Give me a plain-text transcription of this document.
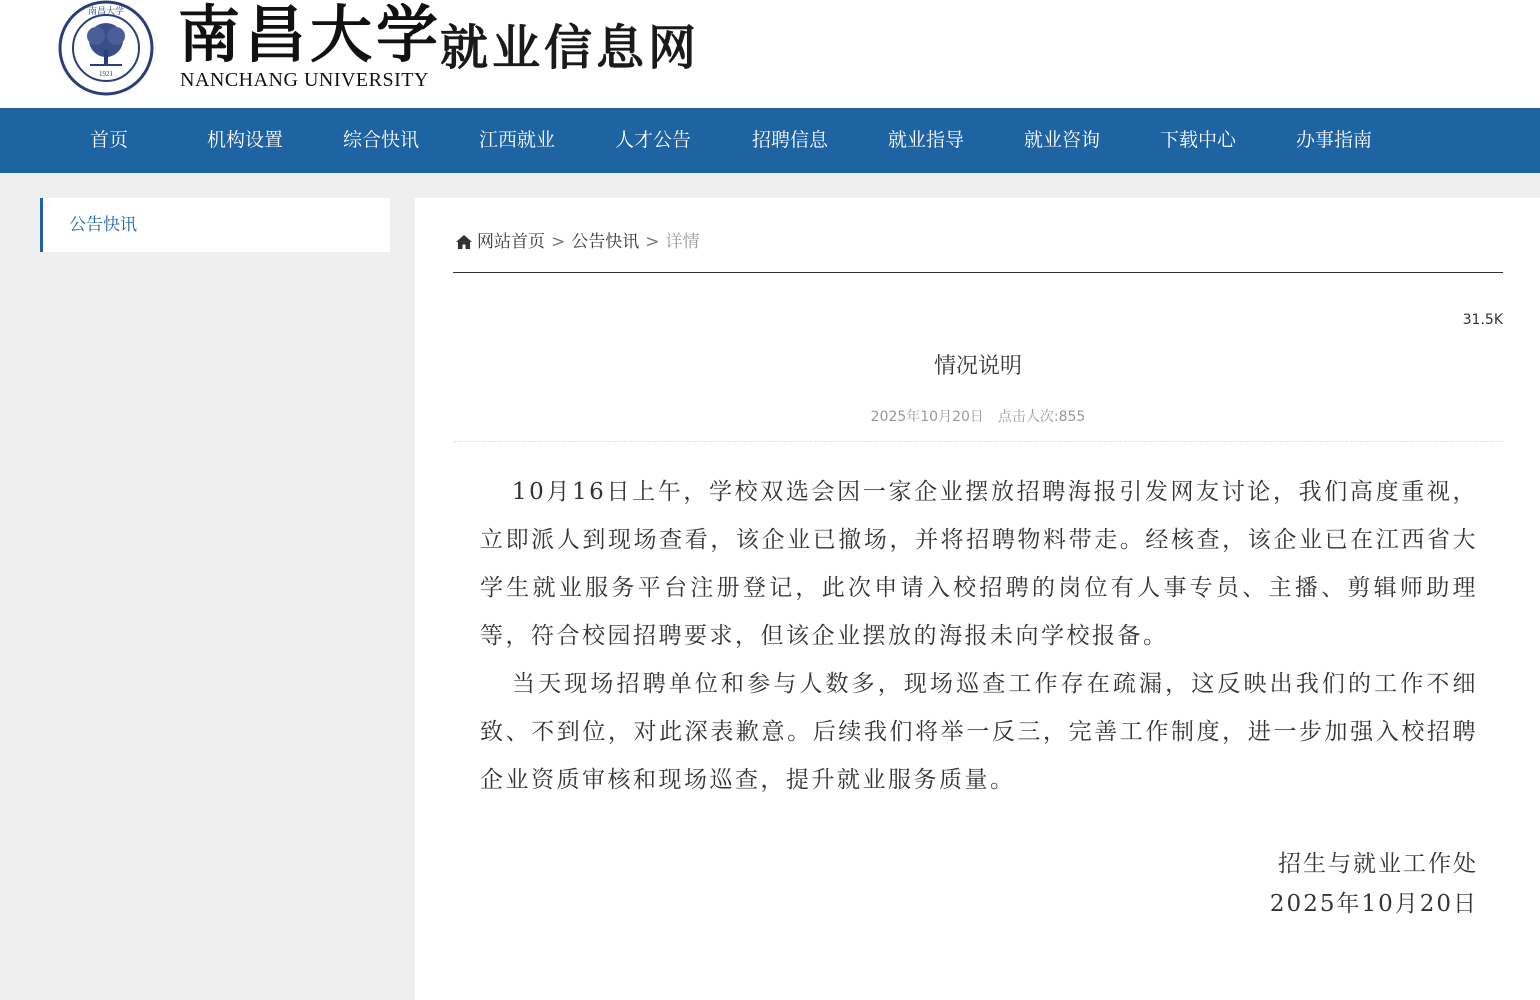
1921
南昌大学 南昌大学
NANCHANG UNIVERSITY
就业信息网
首页	机构设置	综合快讯	江西就业	人才公告	招聘信息	就业指导	就业咨询	下载中心	办事指南
公告快讯
网站首页 > 公告快讯 > 详情
31.5K
情况说明
2025年10月20日 点击人次:855

10月16日上午，学校双选会因一家企业摆放招聘海报引发网友讨论，我们高度重视，立即派人到现场查看，该企业已撤场，并将招聘物料带走。经核查，该企业已在江西省大学生就业服务平台注册登记，此次申请入校招聘的岗位有人事专员、主播、剪辑师助理等，符合校园招聘要求，但该企业摆放的海报未向学校报备。

当天现场招聘单位和参与人数多，现场巡查工作存在疏漏，这反映出我们的工作不细致、不到位，对此深表歉意。后续我们将举一反三，完善工作制度，进一步加强入校招聘企业资质审核和现场巡查，提升就业服务质量。

招生与就业工作处
2025年10月20日
